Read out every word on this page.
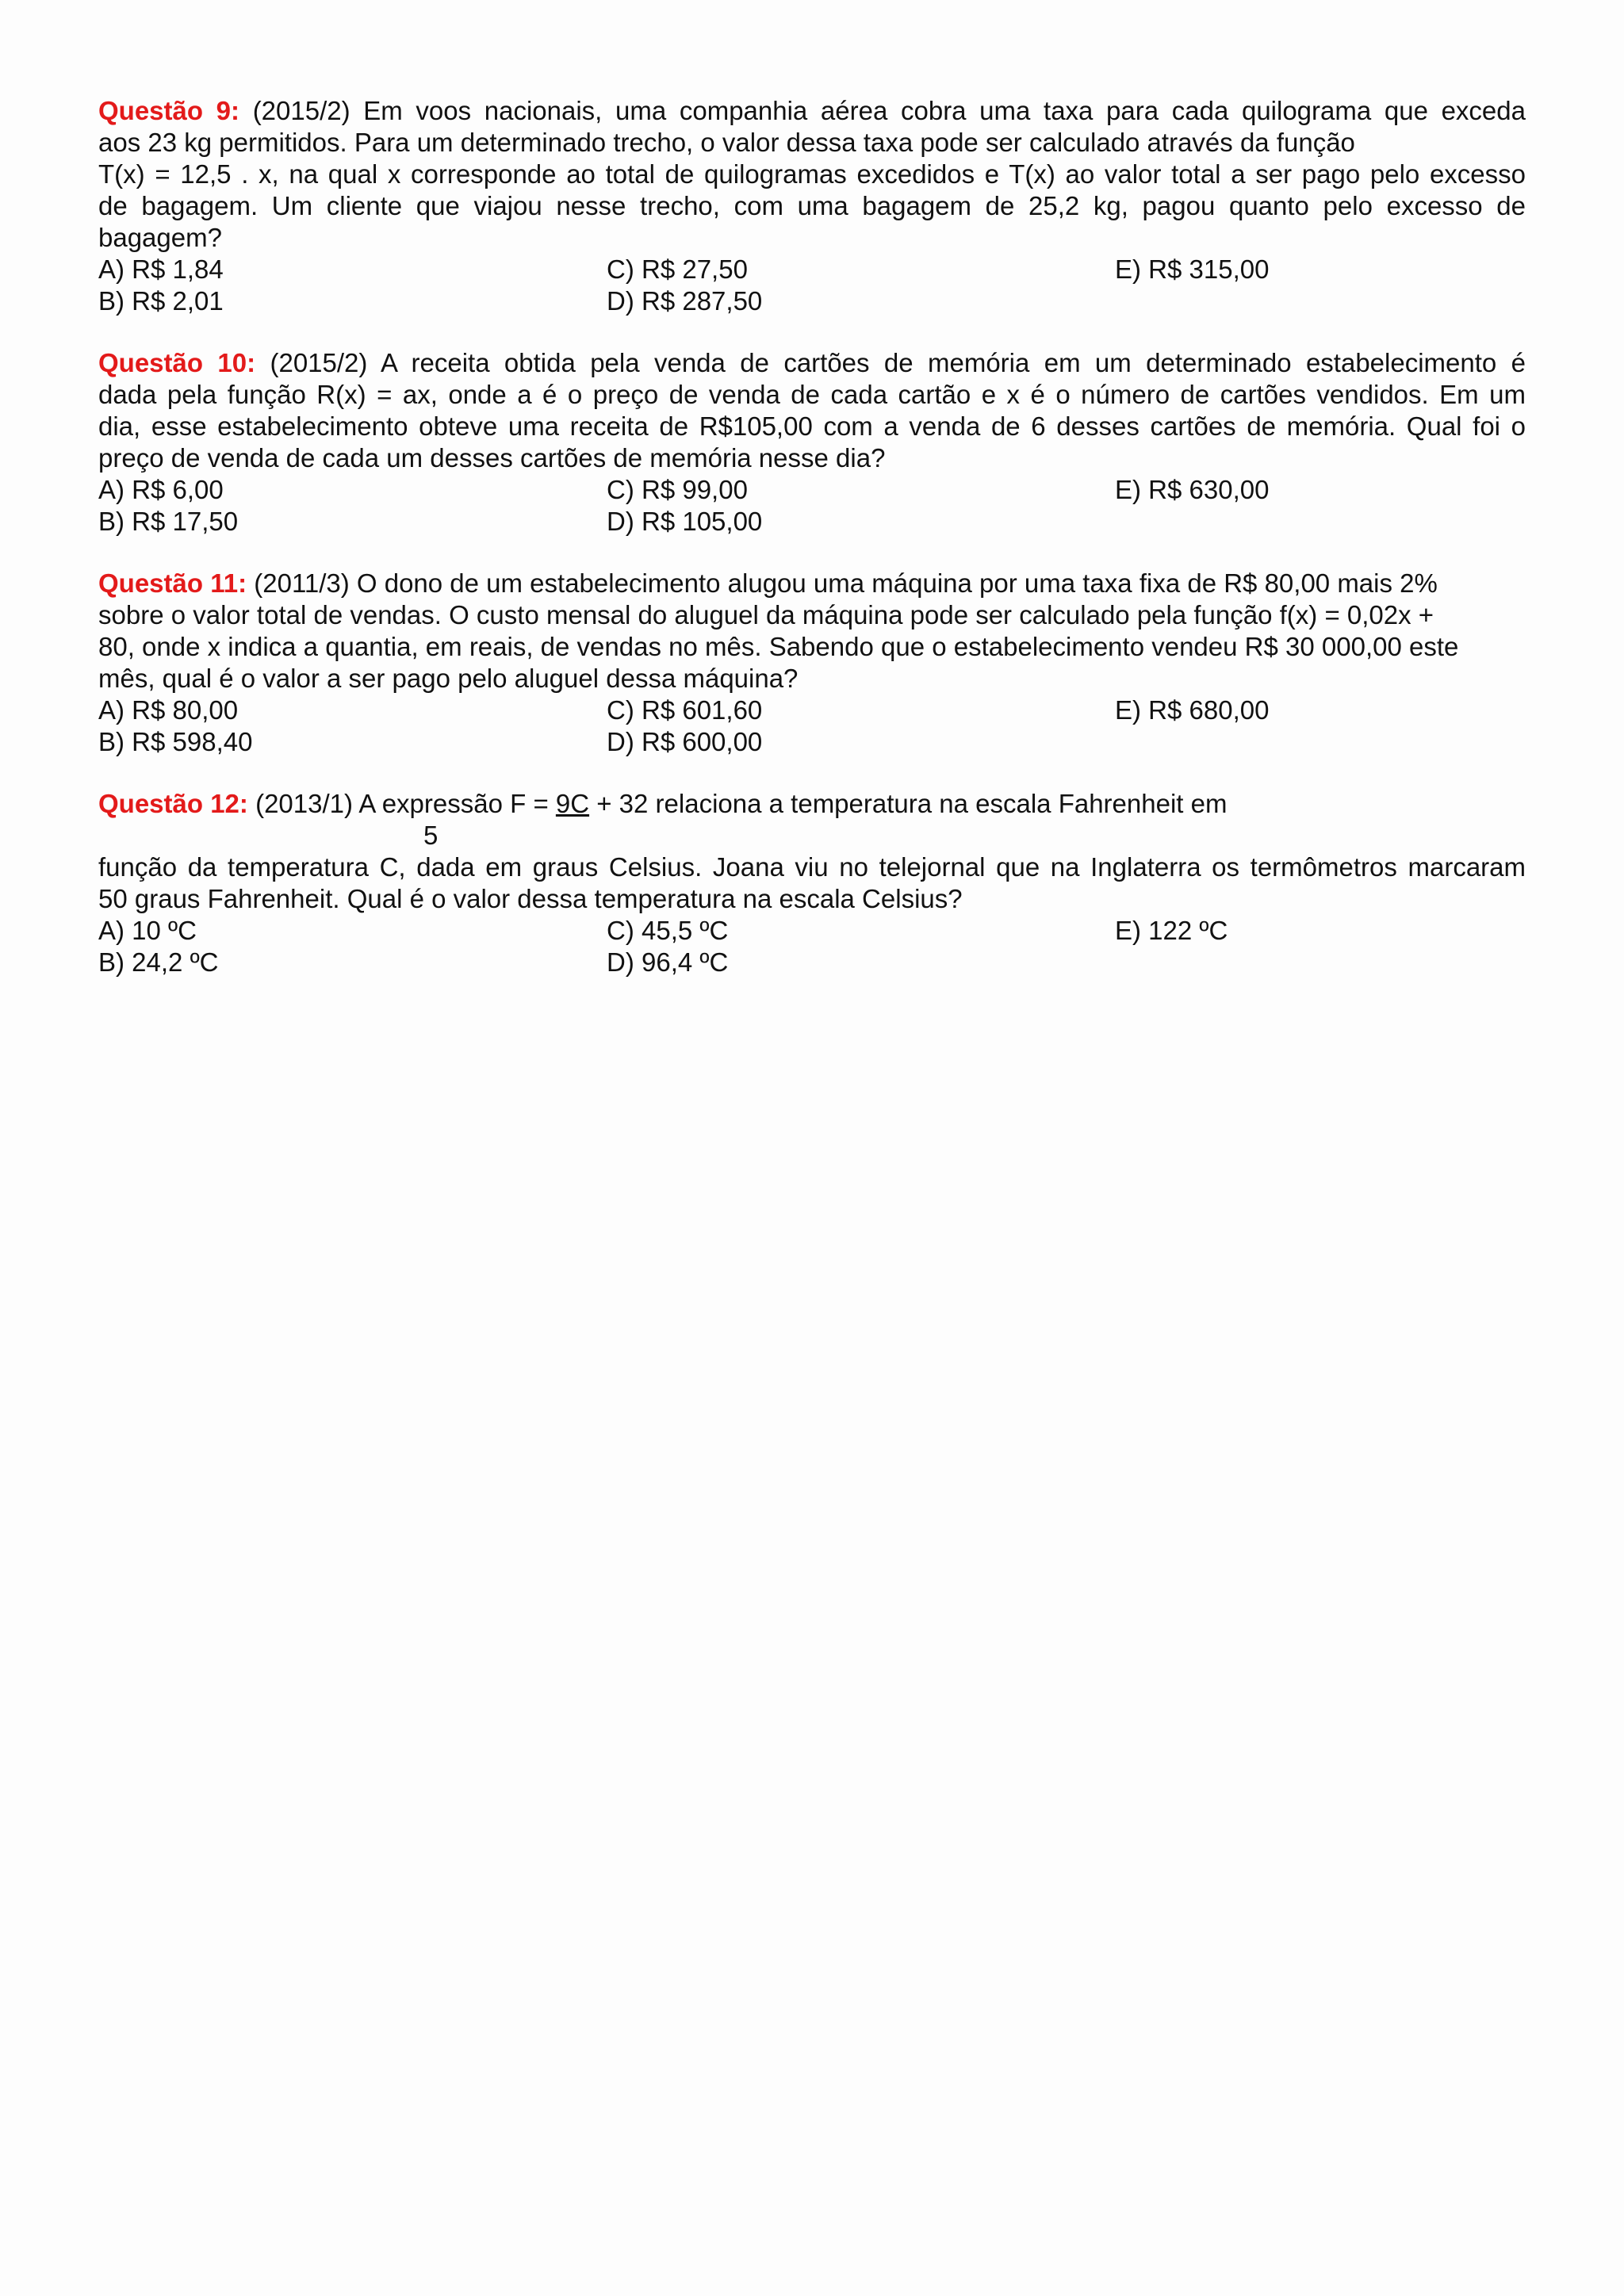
Questão 9: (2015/2) Em voos nacionais, uma companhia aérea cobra uma taxa para cada quilograma que exceda
aos 23 kg permitidos. Para um determinado trecho, o valor dessa taxa pode ser calculado através da função
T(x) = 12,5 . x, na qual x corresponde ao total de quilogramas excedidos e T(x) ao valor total a ser pago pelo excesso
de bagagem. Um cliente que viajou nesse trecho, com uma bagagem de 25,2 kg, pagou quanto pelo excesso de
bagagem?
A) R$ 1,84	C) R$ 27,50	E) R$ 315,00
B) R$ 2,01	D) R$ 287,50
Questão 10: (2015/2) A receita obtida pela venda de cartões de memória em um determinado estabelecimento é
dada pela função R(x) = ax, onde a é o preço de venda de cada cartão e x é o número de cartões vendidos. Em um
dia, esse estabelecimento obteve uma receita de R$105,00 com a venda de 6 desses cartões de memória. Qual foi o
preço de venda de cada um desses cartões de memória nesse dia?
A) R$ 6,00	C) R$ 99,00	E) R$ 630,00
B) R$ 17,50	D) R$ 105,00
Questão 11: (2011/3) O dono de um estabelecimento alugou uma máquina por uma taxa fixa de R$ 80,00 mais 2%
sobre o valor total de vendas. O custo mensal do aluguel da máquina pode ser calculado pela função f(x) = 0,02x +
80, onde x indica a quantia, em reais, de vendas no mês. Sabendo que o estabelecimento vendeu R$ 30 000,00 este
mês, qual é o valor a ser pago pelo aluguel dessa máquina?
A) R$ 80,00	C) R$ 601,60	E) R$ 680,00
B) R$ 598,40	D) R$ 600,00
Questão 12: (2013/1) A expressão F = 9C + 32 relaciona a temperatura na escala Fahrenheit em
5
função da temperatura C, dada em graus Celsius. Joana viu no telejornal que na Inglaterra os termômetros marcaram
50 graus Fahrenheit. Qual é o valor dessa temperatura na escala Celsius?
A) 10 ºC	C) 45,5 ºC	E) 122 ºC
B) 24,2 ºC	D) 96,4 ºC
